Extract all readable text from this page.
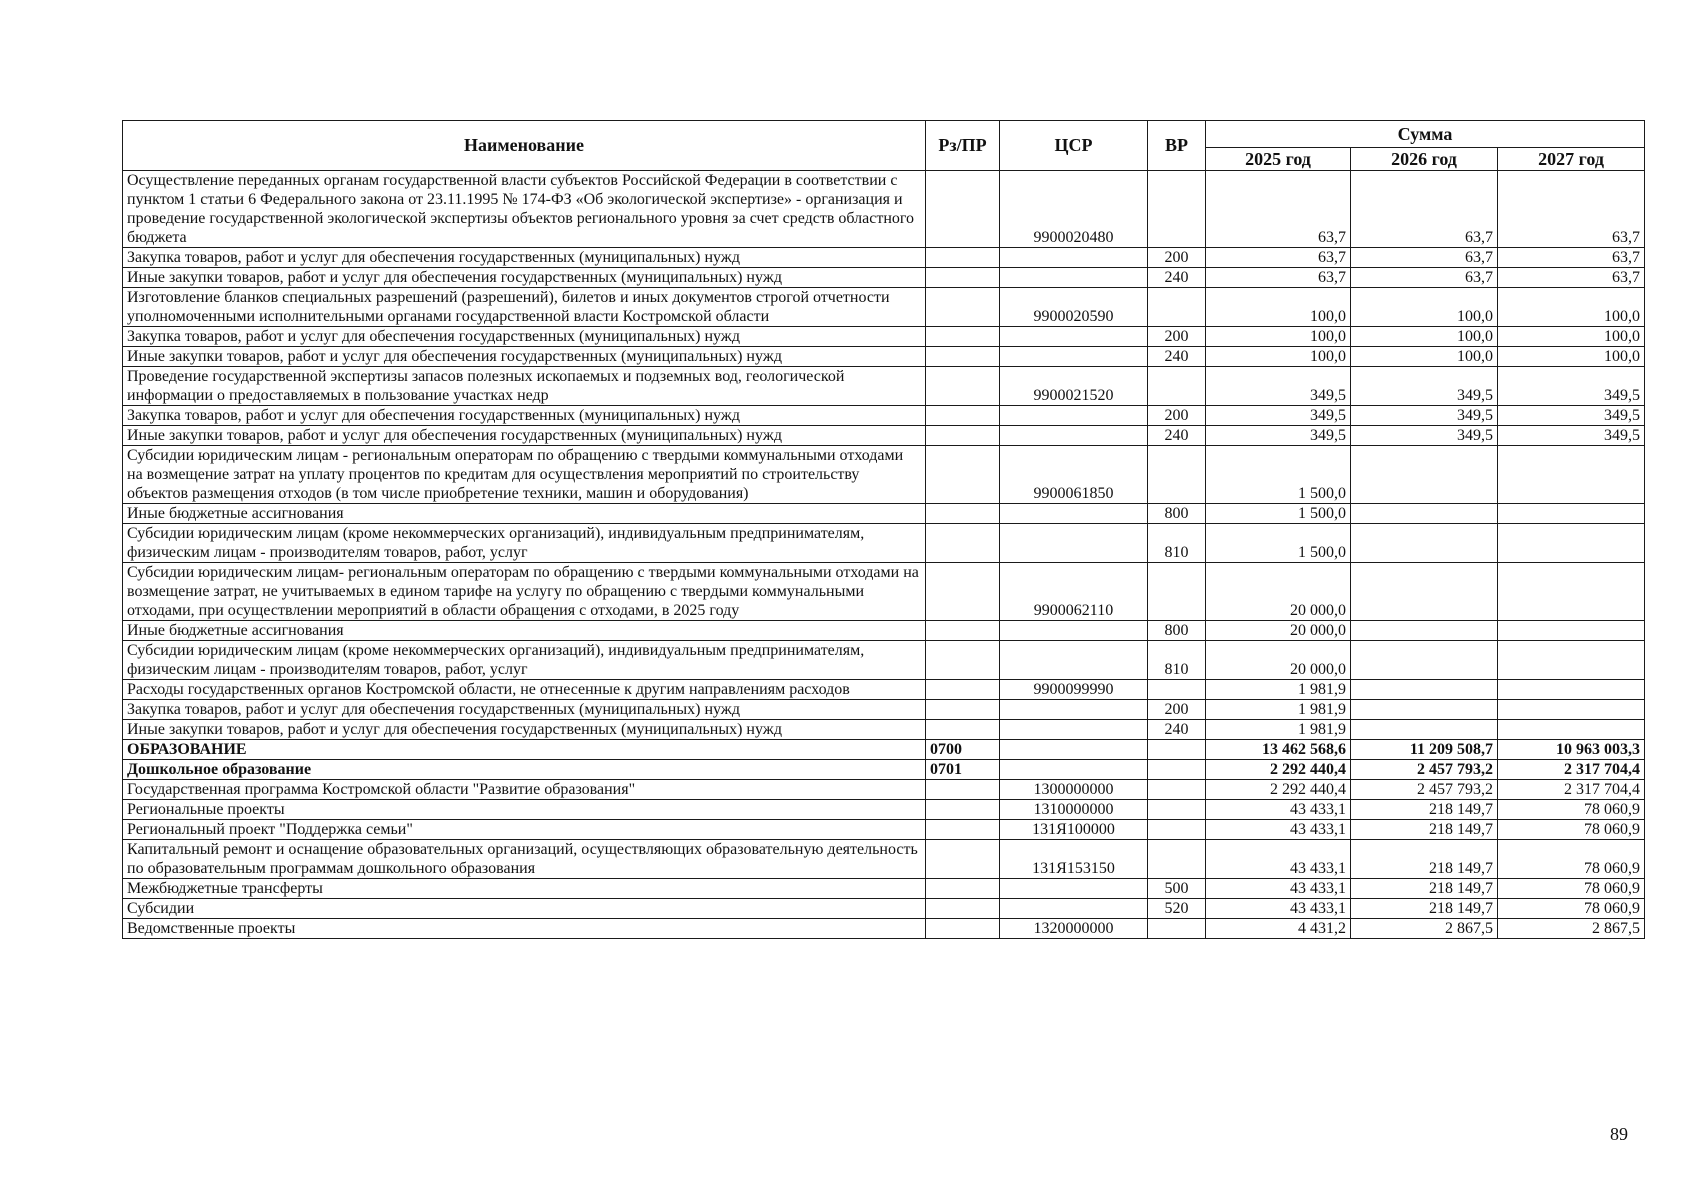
Наименование	Рз/ПР	ЦСР	ВР	Сумма		
				2025 год	2026 год	2027 год
Осуществление переданных органам государственной власти субъектов Российской Федерации в соответствии с пунктом 1 статьи 6 Федерального закона от 23.11.1995 № 174-ФЗ «Об экологической экспертизе» - организация и проведение государственной экологической экспертизы объектов регионального уровня за счет средств областного бюджета		9900020480		63,7	63,7	63,7
Закупка товаров, работ и услуг для обеспечения государственных (муниципальных) нужд			200	63,7	63,7	63,7
Иные закупки товаров, работ и услуг для обеспечения государственных (муниципальных) нужд			240	63,7	63,7	63,7
Изготовление бланков специальных разрешений (разрешений), билетов и иных документов строгой отчетности уполномоченными исполнительными органами государственной власти Костромской области		9900020590		100,0	100,0	100,0
Закупка товаров, работ и услуг для обеспечения государственных (муниципальных) нужд			200	100,0	100,0	100,0
Иные закупки товаров, работ и услуг для обеспечения государственных (муниципальных) нужд			240	100,0	100,0	100,0
Проведение государственной экспертизы запасов полезных ископаемых и подземных вод, геологической информации о предоставляемых в пользование участках недр		9900021520		349,5	349,5	349,5
Закупка товаров, работ и услуг для обеспечения государственных (муниципальных) нужд			200	349,5	349,5	349,5
Иные закупки товаров, работ и услуг для обеспечения государственных (муниципальных) нужд			240	349,5	349,5	349,5
Субсидии юридическим лицам - региональным операторам по обращению с твердыми коммунальными отходами на возмещение затрат на уплату процентов по кредитам для осуществления мероприятий по строительству объектов размещения отходов (в том числе приобретение техники, машин и оборудования)		9900061850		1 500,0		
Иные бюджетные ассигнования			800	1 500,0		
Субсидии юридическим лицам (кроме некоммерческих организаций), индивидуальным предпринимателям, физическим лицам - производителям товаров, работ, услуг			810	1 500,0		
Субсидии юридическим лицам- региональным операторам по обращению с твердыми коммунальными отходами на возмещение затрат, не учитываемых в едином тарифе на услугу по обращению с твердыми коммунальными отходами, при осуществлении мероприятий в области обращения с отходами, в 2025 году		9900062110		20 000,0		
Иные бюджетные ассигнования			800	20 000,0		
Субсидии юридическим лицам (кроме некоммерческих организаций), индивидуальным предпринимателям, физическим лицам - производителям товаров, работ, услуг			810	20 000,0		
Расходы государственных органов Костромской области, не отнесенные к другим направлениям расходов		9900099990		1 981,9		
Закупка товаров, работ и услуг для обеспечения государственных (муниципальных) нужд			200	1 981,9		
Иные закупки товаров, работ и услуг для обеспечения государственных (муниципальных) нужд			240	1 981,9		
ОБРАЗОВАНИЕ	0700			13 462 568,6	11 209 508,7	10 963 003,3
Дошкольное образование	0701			2 292 440,4	2 457 793,2	2 317 704,4
Государственная программа Костромской области "Развитие образования"		1300000000		2 292 440,4	2 457 793,2	2 317 704,4
Региональные проекты		1310000000		43 433,1	218 149,7	78 060,9
Региональный проект "Поддержка семьи"		131Я100000		43 433,1	218 149,7	78 060,9
Капитальный ремонт и оснащение образовательных организаций, осуществляющих образовательную деятельность по образовательным программам дошкольного образования		131Я153150		43 433,1	218 149,7	78 060,9
Межбюджетные трансферты			500	43 433,1	218 149,7	78 060,9
Субсидии			520	43 433,1	218 149,7	78 060,9
Ведомственные проекты		1320000000		4 431,2	2 867,5	2 867,5
89
